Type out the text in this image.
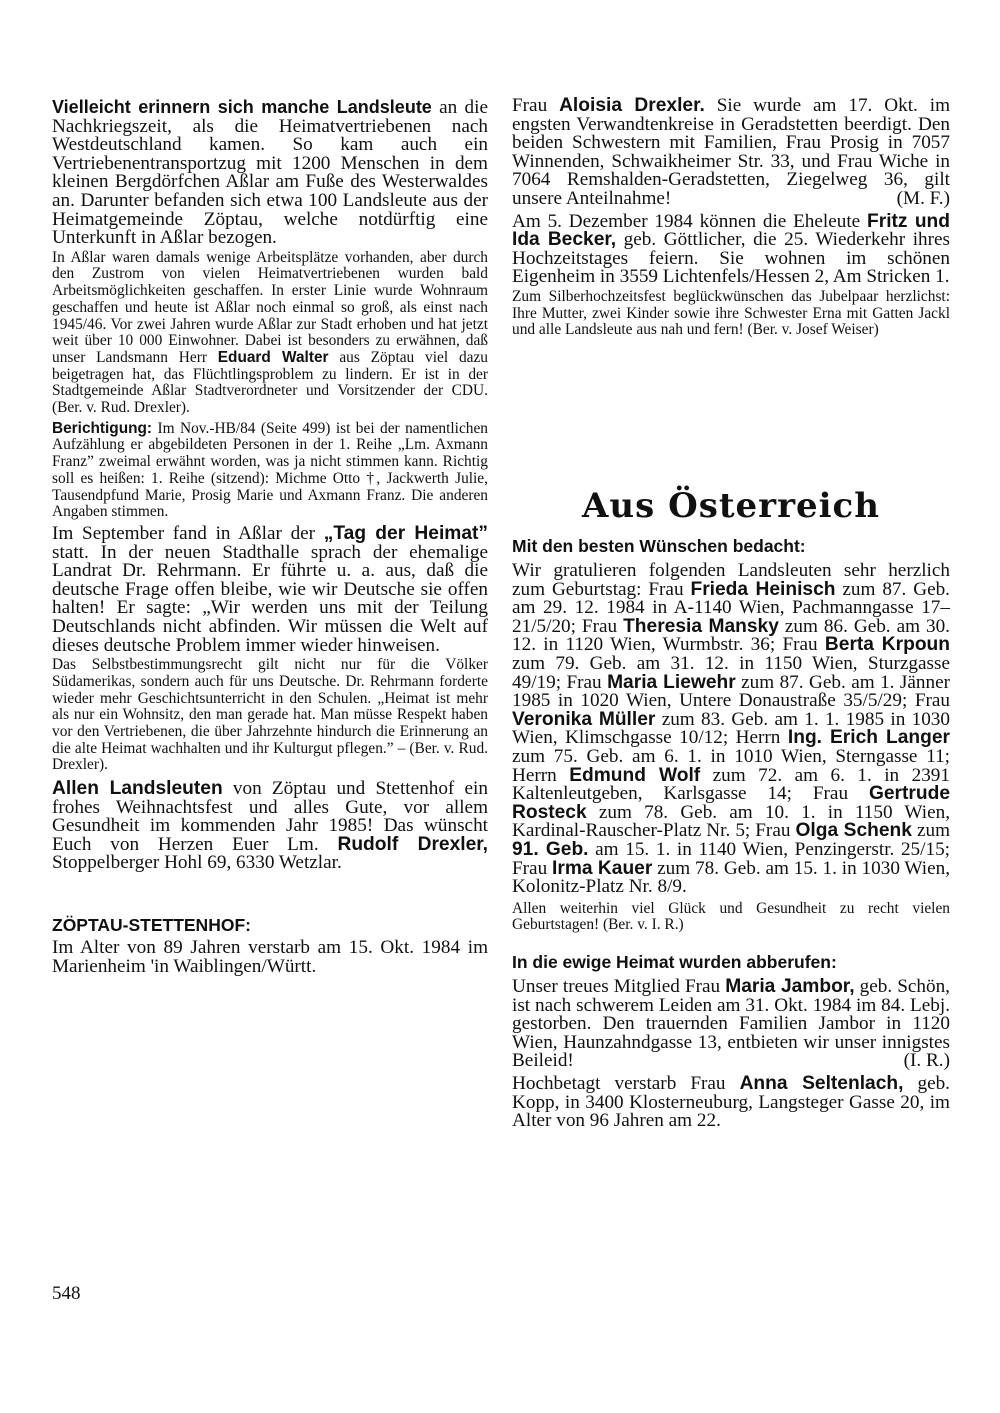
Vielleicht erinnern sich manche Landsleute an die Nachkriegszeit, als die Heimatvertriebenen nach Westdeutschland kamen. So kam auch ein Vertriebenentransportzug mit 1200 Menschen in dem kleinen Bergdörfchen Aßlar am Fuße des Westerwaldes an. Darunter befanden sich etwa 100 Landsleute aus der Heimatgemeinde Zöptau, welche notdürftig eine Unterkunft in Aßlar bezogen.

In Aßlar waren damals wenige Arbeitsplätze vorhanden, aber durch den Zustrom von vielen Heimatvertriebenen wurden bald Arbeitsmöglichkeiten geschaffen. In erster Linie wurde Wohnraum geschaffen und heute ist Aßlar noch einmal so groß, als einst nach 1945/46. Vor zwei Jahren wurde Aßlar zur Stadt erhoben und hat jetzt weit über 10 000 Einwohner. Dabei ist besonders zu erwähnen, daß unser Landsmann Herr Eduard Walter aus Zöptau viel dazu beigetragen hat, das Flüchtlingsproblem zu lindern. Er ist in der Stadtgemeinde Aßlar Stadtverordneter und Vorsitzender der CDU. (Ber. v. Rud. Drexler).

Berichtigung: Im Nov.-HB/84 (Seite 499) ist bei der namentlichen Aufzählung er abgebildeten Personen in der 1. Reihe „Lm. Axmann Franz” zweimal erwähnt worden, was ja nicht stimmen kann. Richtig soll es heißen: 1. Reihe (sitzend): Michme Otto †, Jackwerth Julie, Tausendpfund Marie, Prosig Marie und Axmann Franz. Die anderen Angaben stimmen.

Im September fand in Aßlar der „Tag der Heimat” statt. In der neuen Stadthalle sprach der ehemalige Landrat Dr. Rehrmann. Er führte u. a. aus, daß die deutsche Frage offen bleibe, wie wir Deutsche sie offen halten! Er sagte: „Wir werden uns mit der Teilung Deutschlands nicht abfinden. Wir müssen die Welt auf dieses deutsche Problem immer wieder hinweisen.

Das Selbstbestimmungsrecht gilt nicht nur für die Völker Südamerikas, sondern auch für uns Deutsche. Dr. Rehrmann forderte wieder mehr Geschichtsunterricht in den Schulen. „Heimat ist mehr als nur ein Wohnsitz, den man gerade hat. Man müsse Respekt haben vor den Vertriebenen, die über Jahrzehnte hindurch die Erinnerung an die alte Heimat wachhalten und ihr Kulturgut pflegen.” – (Ber. v. Rud. Drexler).

Allen Landsleuten von Zöptau und Stettenhof ein frohes Weihnachtsfest und alles Gute, vor allem Gesundheit im kommenden Jahr 1985! Das wünscht Euch von Herzen Euer Lm. Rudolf Drexler, Stoppelberger Hohl 69, 6330 Wetzlar.

ZÖPTAU-STETTENHOF:

Im Alter von 89 Jahren verstarb am 15. Okt. 1984 im Marienheim 'in Waiblingen/Württ.

Frau Aloisia Drexler. Sie wurde am 17. Okt. im engsten Verwandtenkreise in Geradstetten beerdigt. Den beiden Schwestern mit Familien, Frau Prosig in 7057 Winnenden, Schwaikheimer Str. 33, und Frau Wiche in 7064 Remshalden-Geradstetten, Ziegelweg 36, gilt unsere Anteilnahme!	(M. F.)

Am 5. Dezember 1984 können die Eheleute Fritz und Ida Becker, geb. Göttlicher, die 25. Wiederkehr ihres Hochzeitstages feiern. Sie wohnen im schönen Eigenheim in 3559 Lichtenfels/Hessen 2, Am Stricken 1.

Zum Silberhochzeitsfest beglückwünschen das Jubelpaar herzlichst: Ihre Mutter, zwei Kinder sowie ihre Schwester Erna mit Gatten Jackl und alle Landsleute aus nah und fern! (Ber. v. Josef Weiser)

Aus Österreich
Mit den besten Wünschen bedacht:

Wir gratulieren folgenden Landsleuten sehr herzlich zum Geburtstag: Frau Frieda Heinisch zum 87. Geb. am 29. 12. 1984 in A-1140 Wien, Pachmanngasse 17–21/5/20; Frau Theresia Mansky zum 86. Geb. am 30. 12. in 1120 Wien, Wurmbstr. 36; Frau Berta Krpoun zum 79. Geb. am 31. 12. in 1150 Wien, Sturzgasse 49/19; Frau Maria Liewehr zum 87. Geb. am 1. Jänner 1985 in 1020 Wien, Untere Donaustraße 35/5/29; Frau Veronika Müller zum 83. Geb. am 1. 1. 1985 in 1030 Wien, Klimschgasse 10/12; Herrn Ing. Erich Langer zum 75. Geb. am 6. 1. in 1010 Wien, Sterngasse 11; Herrn Edmund Wolf zum 72. am 6. 1. in 2391 Kaltenleutgeben, Karlsgasse 14; Frau Gertrude Rosteck zum 78. Geb. am 10. 1. in 1150 Wien, Kardinal-Rauscher-Platz Nr. 5; Frau Olga Schenk zum 91. Geb. am 15. 1. in 1140 Wien, Penzingerstr. 25/15; Frau Irma Kauer zum 78. Geb. am 15. 1. in 1030 Wien, Kolonitz-Platz Nr. 8/9.

Allen weiterhin viel Glück und Gesundheit zu recht vielen Geburtstagen! (Ber. v. I. R.)

In die ewige Heimat wurden abberufen:

Unser treues Mitglied Frau Maria Jambor, geb. Schön, ist nach schwerem Leiden am 31. Okt. 1984 im 84. Lebj. gestorben. Den trauernden Familien Jambor in 1120 Wien, Haunzahndgasse 13, entbieten wir unser innigstes Beileid!	(I. R.)

Hochbetagt verstarb Frau Anna Seltenlach, geb. Kopp, in 3400 Klosterneuburg, Langsteger Gasse 20, im Alter von 96 Jahren am 22.

548
